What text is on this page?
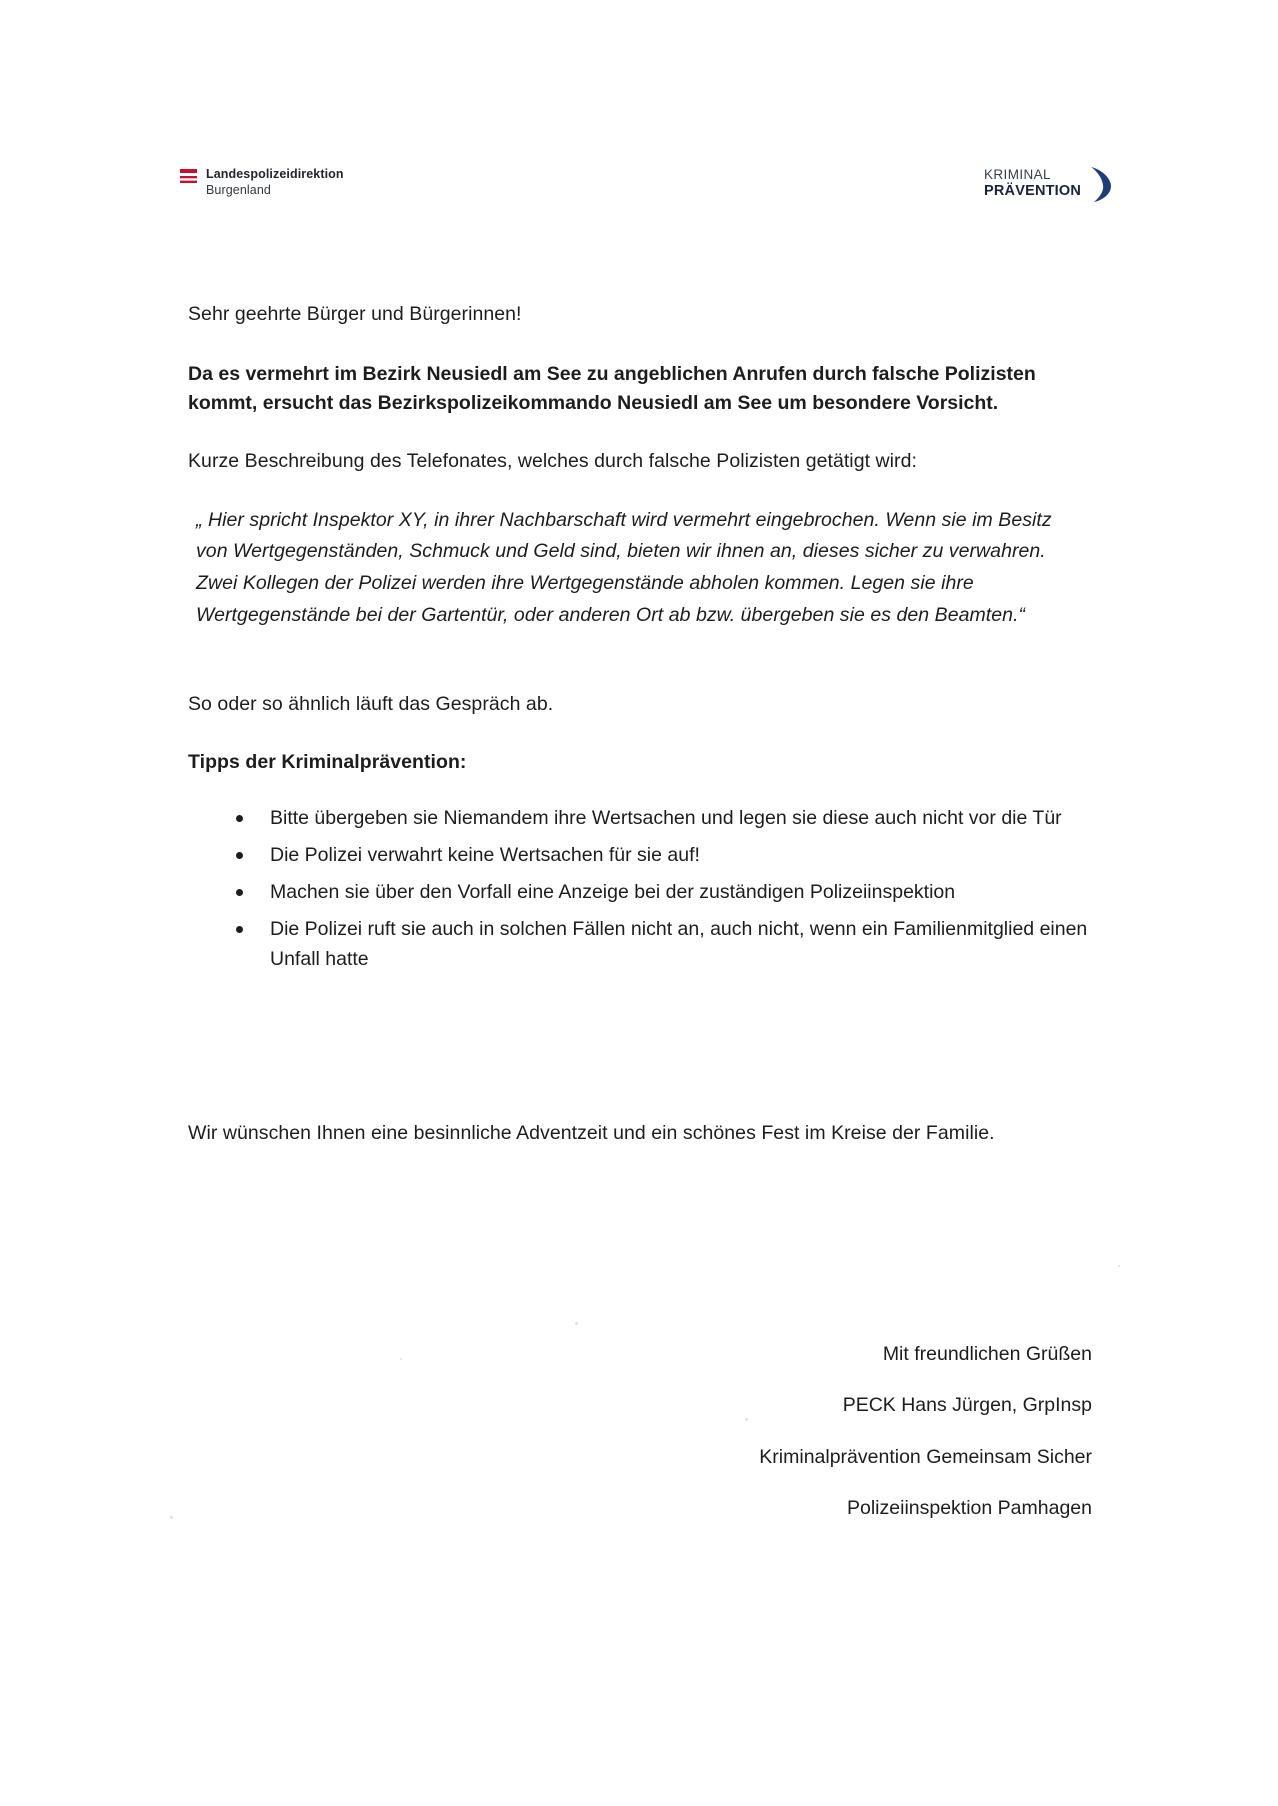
Landespolizeidirektion
Burgenland
KRIMINAL
PRÄVENTION

Sehr geehrte Bürger und Bürgerinnen!

Da es vermehrt im Bezirk Neusiedl am See zu angeblichen Anrufen durch falsche Polizisten kommt, ersucht das Bezirkspolizeikommando Neusiedl am See um besondere Vorsicht.

Kurze Beschreibung des Telefonates, welches durch falsche Polizisten getätigt wird:

„ Hier spricht Inspektor XY, in ihrer Nachbarschaft wird vermehrt eingebrochen. Wenn sie im Besitz von Wertgegenständen, Schmuck und Geld sind, bieten wir ihnen an, dieses sicher zu verwahren. Zwei Kollegen der Polizei werden ihre Wertgegenstände abholen kommen. Legen sie ihre Wertgegenstände bei der Gartentür, oder anderen Ort ab bzw. übergeben sie es den Beamten.“

So oder so ähnlich läuft das Gespräch ab.

Tipps der Kriminalprävention:

Bitte übergeben sie Niemandem ihre Wertsachen und legen sie diese auch nicht vor die Tür
Die Polizei verwahrt keine Wertsachen für sie auf!
Machen sie über den Vorfall eine Anzeige bei der zuständigen Polizeiinspektion
Die Polizei ruft sie auch in solchen Fällen nicht an, auch nicht, wenn ein Familienmitglied einen Unfall hatte

Wir wünschen Ihnen eine besinnliche Adventzeit und ein schönes Fest im Kreise der Familie.

Mit freundlichen Grüßen
PECK Hans Jürgen, GrpInsp
Kriminalprävention Gemeinsam Sicher
Polizeiinspektion Pamhagen
